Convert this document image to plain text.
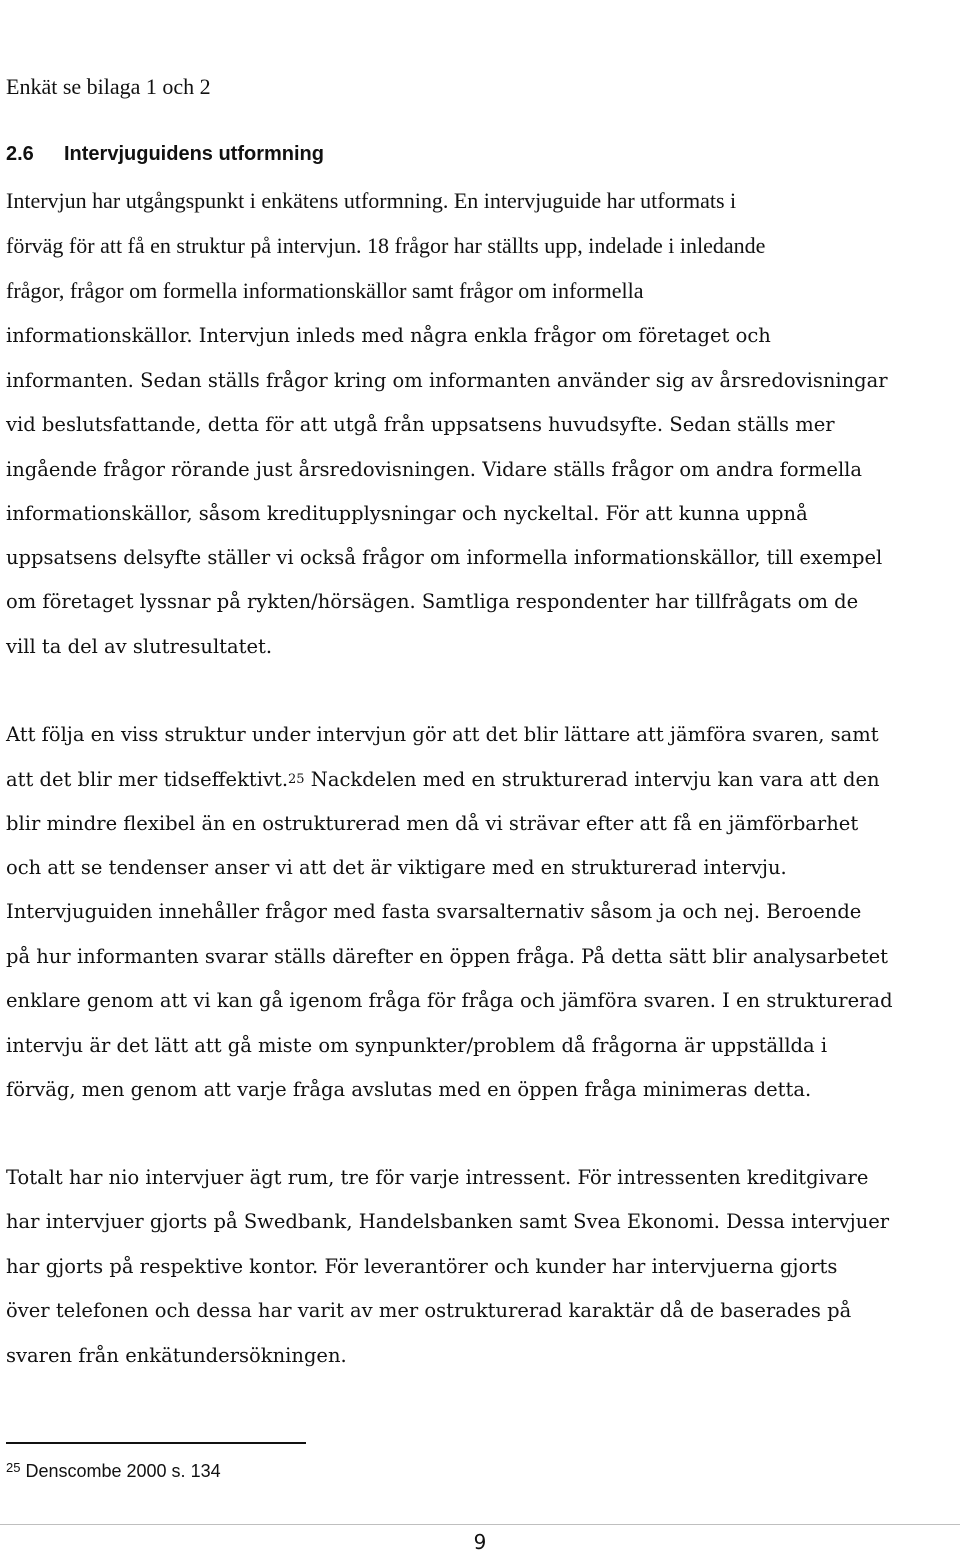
Enkät se bilaga 1 och 2
2.6 Intervjuguidens utformning
Intervjun har utgångspunkt i enkätens utformning. En intervjuguide har utformats i
förväg för att få en struktur på intervjun. 18 frågor har ställts upp, indelade i inledande
frågor, frågor om formella informationskällor samt frågor om informella
informationskällor. Intervjun inleds med några enkla frågor om företaget och
informanten. Sedan ställs frågor kring om informanten använder sig av årsredovisningar
vid beslutsfattande, detta för att utgå från uppsatsens huvudsyfte. Sedan ställs mer
ingående frågor rörande just årsredovisningen. Vidare ställs frågor om andra formella
informationskällor, såsom kreditupplysningar och nyckeltal. För att kunna uppnå
uppsatsens delsyfte ställer vi också frågor om informella informationskällor, till exempel
om företaget lyssnar på rykten/hörsägen. Samtliga respondenter har tillfrågats om de
vill ta del av slutresultatet.
Att följa en viss struktur under intervjun gör att det blir lättare att jämföra svaren, samt
att det blir mer tidseffektivt.$^{25}$ Nackdelen med en strukturerad intervju kan vara att den
blir mindre flexibel än en ostrukturerad men då vi strävar efter att få en jämförbarhet
och att se tendenser anser vi att det är viktigare med en strukturerad intervju.
Intervjuguiden innehåller frågor med fasta svarsalternativ såsom ja och nej. Beroende
på hur informanten svarar ställs därefter en öppen fråga. På detta sätt blir analysarbetet
enklare genom att vi kan gå igenom fråga för fråga och jämföra svaren. I en strukturerad
intervju är det lätt att gå miste om synpunkter/problem då frågorna är uppställda i
förväg, men genom att varje fråga avslutas med en öppen fråga minimeras detta.
Totalt har nio intervjuer ägt rum, tre för varje intressent. För intressenten kreditgivare
har intervjuer gjorts på Swedbank, Handelsbanken samt Svea Ekonomi. Dessa intervjuer
har gjorts på respektive kontor. För leverantörer och kunder har intervjuerna gjorts
över telefonen och dessa har varit av mer ostrukturerad karaktär då de baserades på
svaren från enkätundersökningen.
$^{25}$ Denscombe 2000 s. 134
9
